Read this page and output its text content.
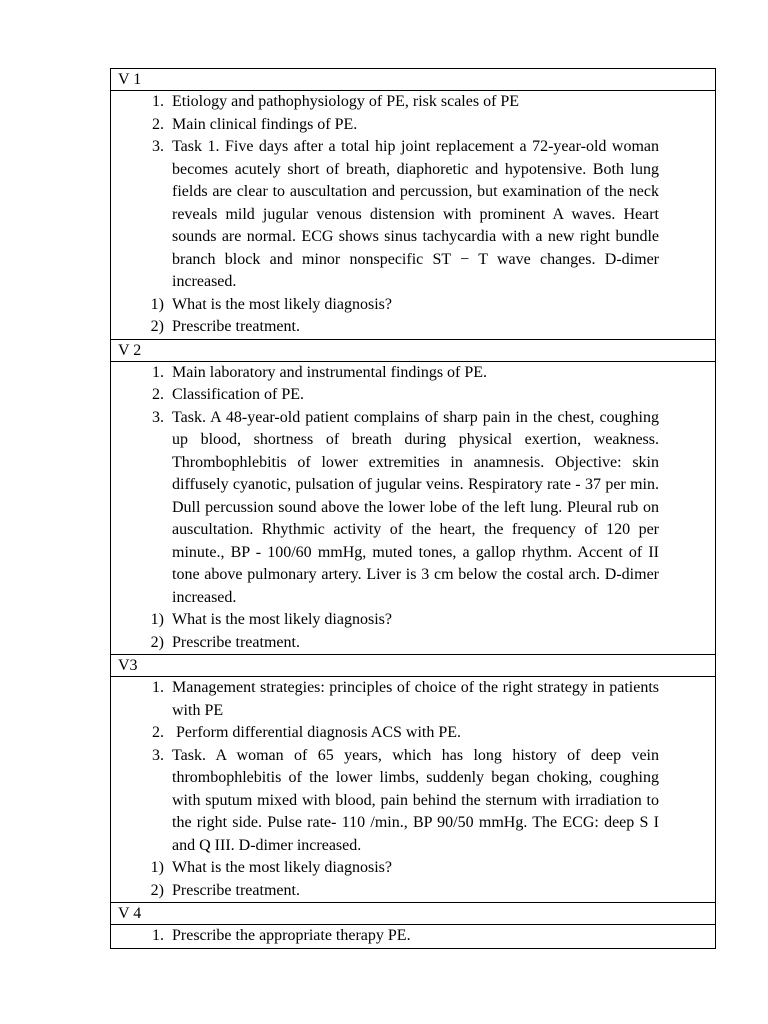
V 1
1. Etiology and pathophysiology of PE, risk scales of PE
2. Main clinical findings of PE.
3. Task 1. Five days after a total hip joint replacement a 72-year-old woman becomes acutely short of breath, diaphoretic and hypotensive. Both lung fields are clear to auscultation and percussion, but examination of the neck reveals mild jugular venous distension with prominent A waves. Heart sounds are normal. ECG shows sinus tachycardia with a new right bundle branch block and minor nonspecific ST − T wave changes. D-dimer increased.
1) What is the most likely diagnosis?
2) Prescribe treatment.
V 2
1. Main laboratory and instrumental findings of PE.
2. Classification of PE.
3. Task. A 48-year-old patient complains of sharp pain in the chest, coughing up blood, shortness of breath during physical exertion, weakness. Thrombophlebitis of lower extremities in anamnesis. Objective: skin diffusely cyanotic, pulsation of jugular veins. Respiratory rate - 37 per min. Dull percussion sound above the lower lobe of the left lung. Pleural rub on auscultation. Rhythmic activity of the heart, the frequency of 120 per minute., BP - 100/60 mmHg, muted tones, a gallop rhythm. Accent of II tone above pulmonary artery. Liver is 3 cm below the costal arch. D-dimer increased.
1) What is the most likely diagnosis?
2) Prescribe treatment.
V3
1. Management strategies: principles of choice of the right strategy in patients with PE
2. Perform differential diagnosis ACS with PE.
3. Task. A woman of 65 years, which has long history of deep vein thrombophlebitis of the lower limbs, suddenly began choking, coughing with sputum mixed with blood, pain behind the sternum with irradiation to the right side. Pulse rate- 110 /min., BP 90/50 mmHg. The ECG: deep S I and Q III. D-dimer increased.
1) What is the most likely diagnosis?
2) Prescribe treatment.
V 4
1. Prescribe the appropriate therapy PE.
